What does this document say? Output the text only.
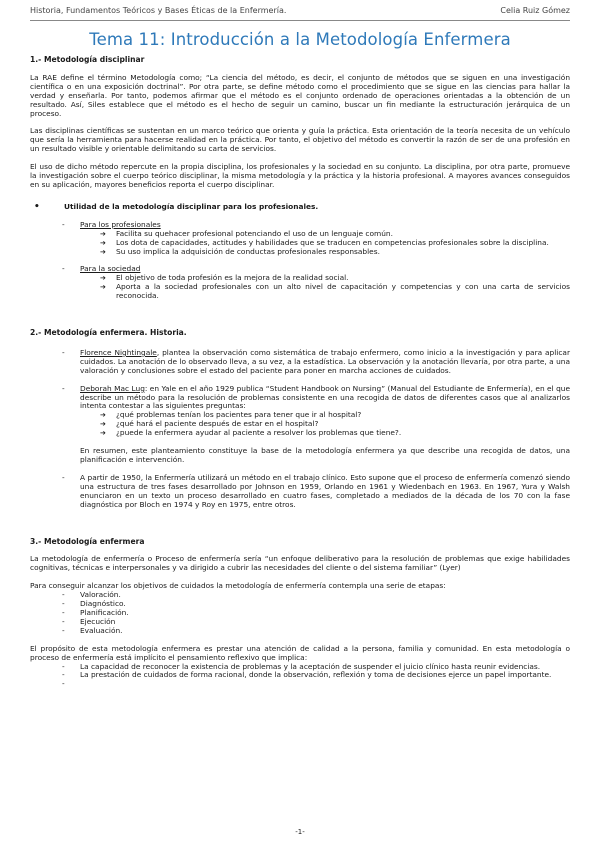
Historia, Fundamentos Teóricos y Bases Éticas de la Enfermería.	Celia Ruiz Gómez
Tema 11: Introducción a la Metodología Enfermera
1.- Metodología disciplinar

La RAE define el término Metodología como; “La ciencia del método, es decir, el conjunto de métodos que se siguen en una investigación científica o en una exposición doctrinal”. Por otra parte, se define método como el procedimiento que se sigue en las ciencias para hallar la verdad y enseñarla. Por tanto, podemos afirmar que el método es el conjunto ordenado de operaciones orientadas a la obtención de un resultado. Así, Siles establece que el método es el hecho de seguir un camino, buscar un fin mediante la estructuración jerárquica de un proceso.

Las disciplinas científicas se sustentan en un marco teórico que orienta y guía la práctica. Esta orientación de la teoría necesita de un vehículo que sería la herramienta para hacerse realidad en la práctica. Por tanto, el objetivo del método es convertir la razón de ser de una profesión en un resultado visible y orientable delimitando su carta de servicios.

El uso de dicho método repercute en la propia disciplina, los profesionales y la sociedad en su conjunto. La disciplina, por otra parte, promueve la investigación sobre el cuerpo teórico disciplinar, la misma metodología y la práctica y la historia profesional. A mayores avances conseguidos en su aplicación, mayores beneficios reporta el cuerpo disciplinar.

•	Utilidad de la metodología disciplinar para los profesionales.
- Para los profesionales
➔ Facilita su quehacer profesional potenciando el uso de un lenguaje común.
➔ Los dota de capacidades, actitudes y habilidades que se traducen en competencias profesionales sobre la disciplina.
➔ Su uso implica la adquisición de conductas profesionales responsables.
- Para la sociedad
➔ El objetivo de toda profesión es la mejora de la realidad social.
➔ Aporta a la sociedad profesionales con un alto nivel de capacitación y competencias y con una carta de servicios reconocida.
2.- Metodología enfermera. Historia.
- Florence Nightingale, plantea la observación como sistemática de trabajo enfermero, como inicio a la investigación y para aplicar cuidados. La anotación de lo observado lleva, a su vez, a la estadística. La observación y la anotación llevaría, por otra parte, a una valoración y conclusiones sobre el estado del paciente para poner en marcha acciones de cuidados.
- Deborah Mac Lug: en Yale en el año 1929 publica “Student Handbook on Nursing” (Manual del Estudiante de Enfermería), en el que describe un método para la resolución de problemas consistente en una recogida de datos de diferentes casos que al analizarlos intenta contestar a las siguientes preguntas:
➔ ¿qué problemas tenían los pacientes para tener que ir al hospital?
➔ ¿qué hará el paciente después de estar en el hospital?
➔ ¿puede la enfermera ayudar al paciente a resolver los problemas que tiene?.

En resumen, este planteamiento constituye la base de la metodología enfermera ya que describe una recogida de datos, una planificación e intervención.

- A partir de 1950, la Enfermería utilizará un método en el trabajo clínico. Esto supone que el proceso de enfermería comenzó siendo una estructura de tres fases desarrollado por Johnson en 1959, Orlando en 1961 y Wiedenbach en 1963. En 1967, Yura y Walsh enunciaron en un texto un proceso desarrollado en cuatro fases, completado a mediados de la década de los 70 con la fase diagnóstica por Bloch en 1974 y Roy en 1975, entre otros.
3.- Metodología enfermera

La metodología de enfermería o Proceso de enfermería sería “un enfoque deliberativo para la resolución de problemas que exige habilidades cognitivas, técnicas e interpersonales y va dirigido a cubrir las necesidades del cliente o del sistema familiar” (Lyer)

Para conseguir alcanzar los objetivos de cuidados la metodología de enfermería contempla una serie de etapas:

- Valoración.
- Diagnóstico.
- Planificación.
- Ejecución
- Evaluación.

El propósito de esta metodología enfermera es prestar una atención de calidad a la persona, familia y comunidad. En esta metodología o proceso de enfermería está implícito el pensamiento reflexivo que implica:

- La capacidad de reconocer la existencia de problemas y la aceptación de suspender el juicio clínico hasta reunir evidencias.
- La prestación de cuidados de forma racional, donde la observación, reflexión y toma de decisiones ejerce un papel importante.
-
-1-
